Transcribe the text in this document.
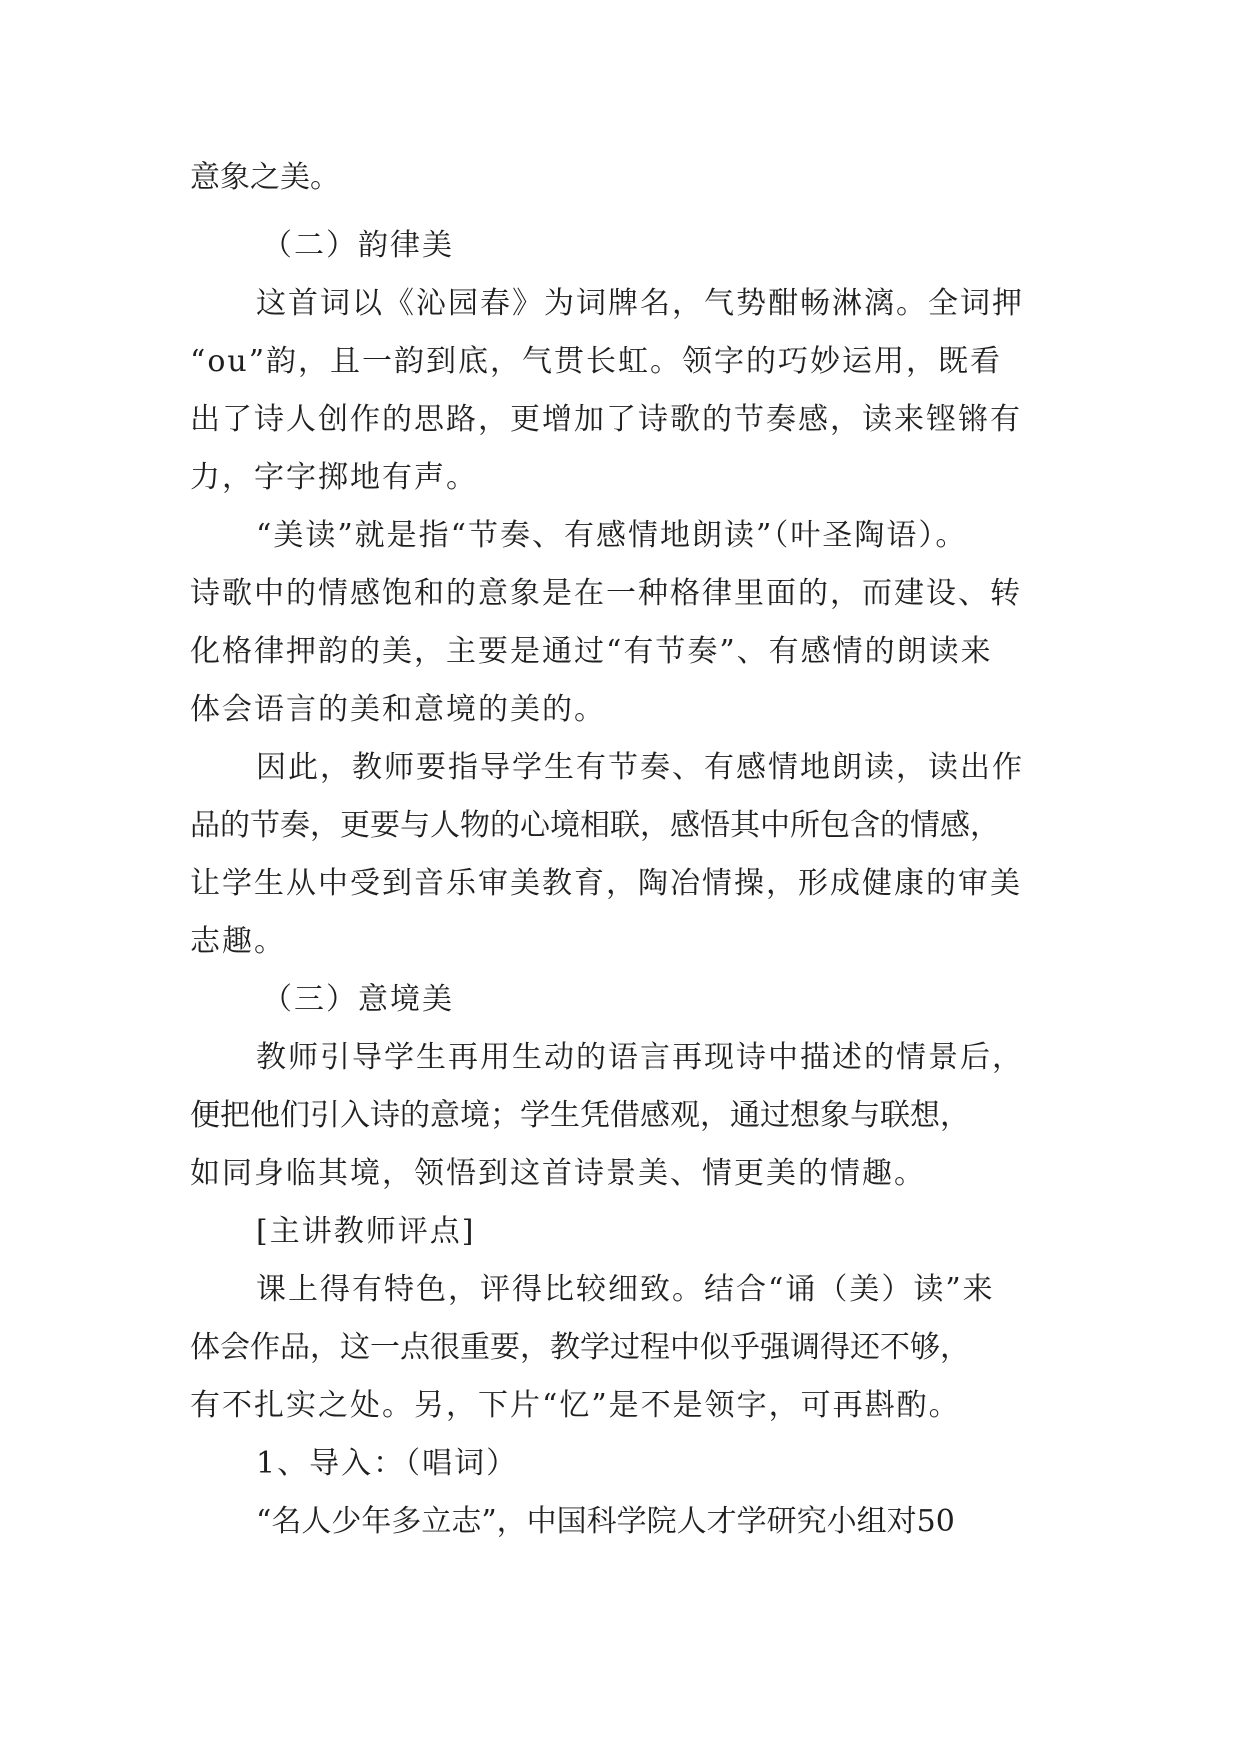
意象之美。
（二）韵律美
这首词以《沁园春》为词牌名，气势酣畅淋漓。全词押
“ou”韵，且一韵到底，气贯长虹。领字的巧妙运用，既看
出了诗人创作的思路，更增加了诗歌的节奏感，读来铿锵有
力，字字掷地有声。
“美读”就是指“节奏、有感情地朗读”（叶圣陶语）。
诗歌中的情感饱和的意象是在一种格律里面的，而建设、转
化格律押韵的美，主要是通过“有节奏”、有感情的朗读来
体会语言的美和意境的美的。
因此，教师要指导学生有节奏、有感情地朗读，读出作
品的节奏，更要与人物的心境相联，感悟其中所包含的情感，
让学生从中受到音乐审美教育，陶冶情操，形成健康的审美
志趣。
（三）意境美
教师引导学生再用生动的语言再现诗中描述的情景后，
便把他们引入诗的意境；学生凭借感观，通过想象与联想，
如同身临其境，领悟到这首诗景美、情更美的情趣。
[主讲教师评点]
课上得有特色，评得比较细致。结合“诵（美）读”来
体会作品，这一点很重要，教学过程中似乎强调得还不够，
有不扎实之处。另，下片“忆”是不是领字，可再斟酌。
1、导入：（唱词）
“名人少年多立志”，中国科学院人才学研究小组对50
